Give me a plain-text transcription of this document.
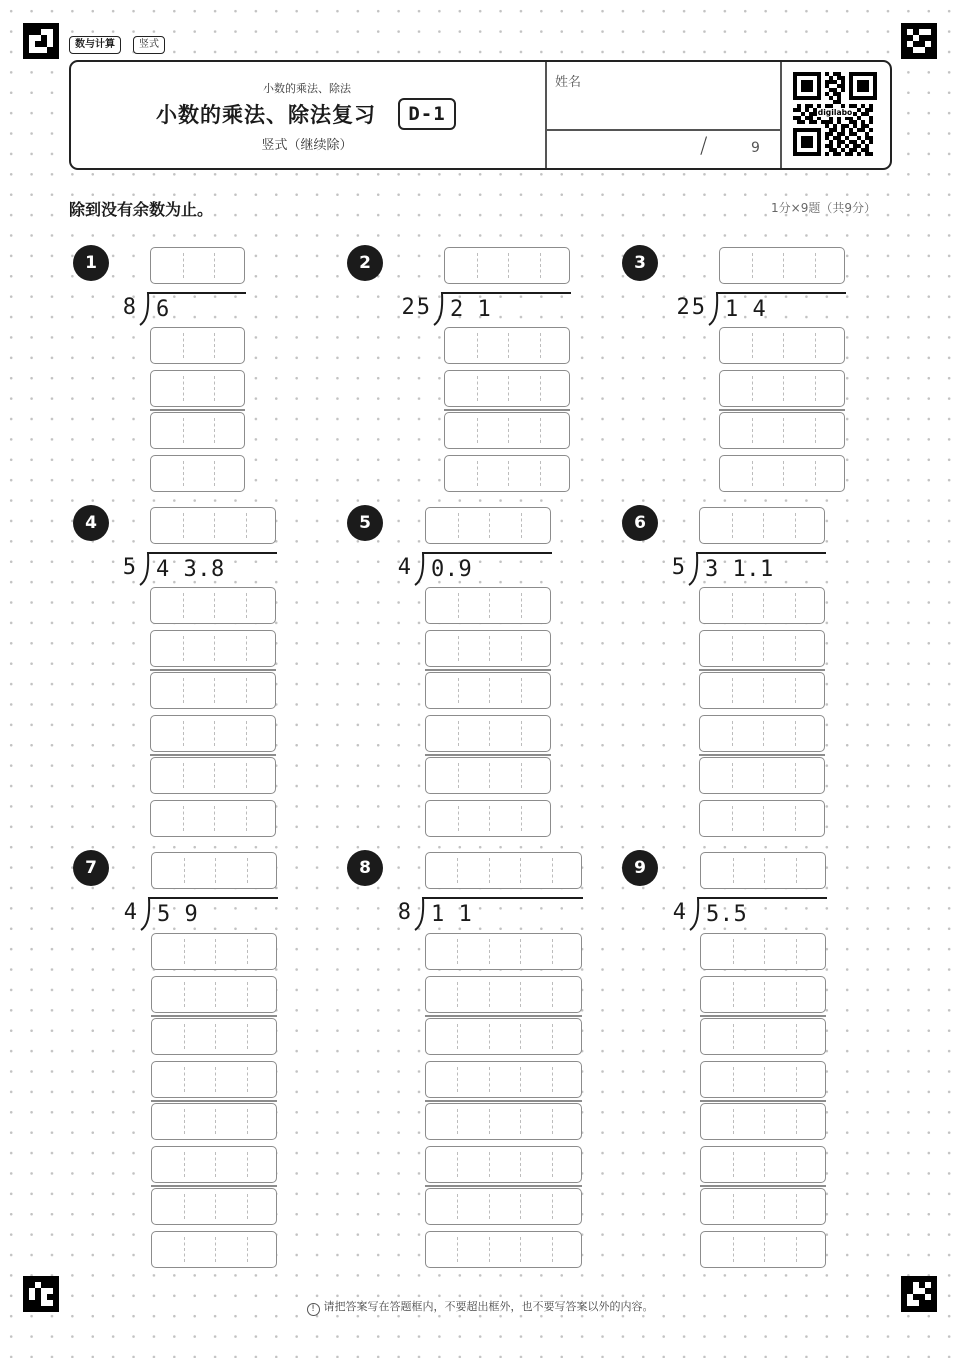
数与计算	竖式
小数的乘法、除法
小数的乘法、除法复习	D-1
竖式（继续除）
姓名
/	9
digilabo
除到没有余数为止。	1分×9题（共9分）
1
8 6
2
25 2 1
3
25 1 4
4
5 4 3.8
5
4 0.9
6
5 3 1.1
7
4 5 9
8
8 1 1
9
4 5.5
! 请把答案写在答题框内，不要超出框外，也不要写答案以外的内容。
